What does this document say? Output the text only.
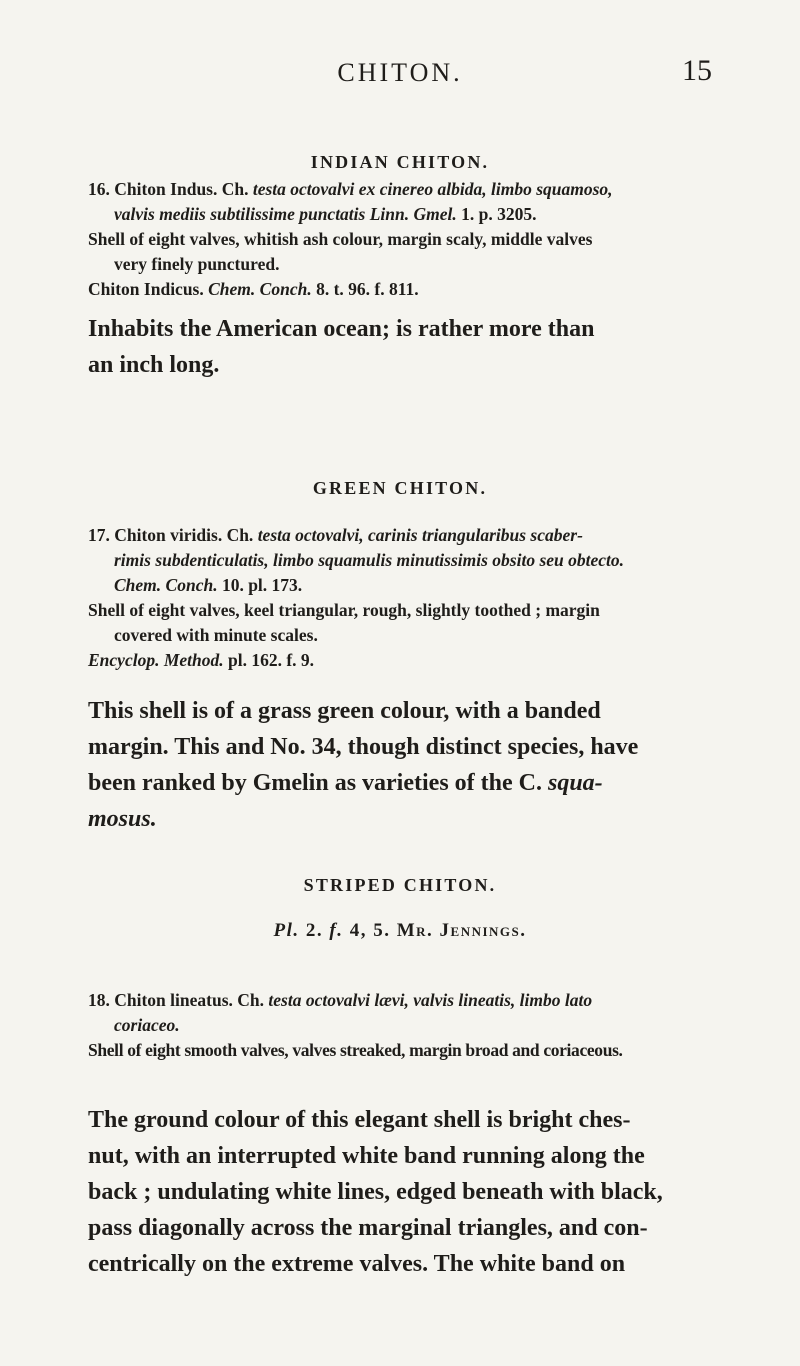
CHITON.	15
INDIAN CHITON.
16. Chiton Indus. Ch. testa octovalvi ex cinereo albida, limbo squamoso,
valvis mediis subtilissime punctatis Linn. Gmel. 1. p. 3205.
Shell of eight valves, whitish ash colour, margin scaly, middle valves
very finely punctured.
Chiton Indicus. Chem. Conch. 8. t. 96. f. 811.
Inhabits the American ocean; is rather more than
an inch long.
GREEN CHITON.
17. Chiton viridis. Ch. testa octovalvi, carinis triangularibus scaber-
rimis subdenticulatis, limbo squamulis minutissimis obsito seu obtecto.
Chem. Conch. 10. pl. 173.
Shell of eight valves, keel triangular, rough, slightly toothed ; margin
covered with minute scales.
Encyclop. Method. pl. 162. f. 9.
This shell is of a grass green colour, with a banded
margin. This and No. 34, though distinct species, have
been ranked by Gmelin as varieties of the C. squa-
mosus.
STRIPED CHITON.
Pl. 2. f. 4, 5. Mr. Jennings.
18. Chiton lineatus. Ch. testa octovalvi lævi, valvis lineatis, limbo lato
coriaceo.
Shell of eight smooth valves, valves streaked, margin broad and coriaceous.
The ground colour of this elegant shell is bright ches-
nut, with an interrupted white band running along the
back ; undulating white lines, edged beneath with black,
pass diagonally across the marginal triangles, and con-
centrically on the extreme valves. The white band on
